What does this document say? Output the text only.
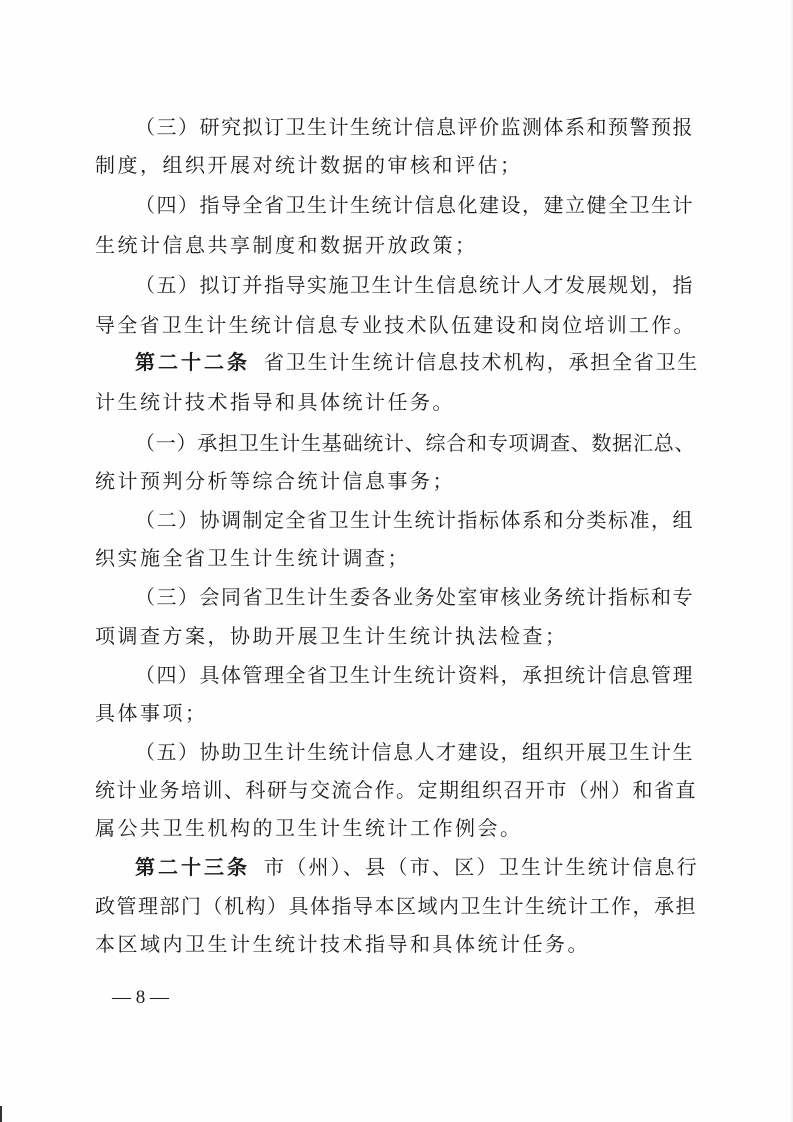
（三）研究拟订卫生计生统计信息评价监测体系和预警预报
制度，组织开展对统计数据的审核和评估；
（四）指导全省卫生计生统计信息化建设，建立健全卫生计
生统计信息共享制度和数据开放政策；
（五）拟订并指导实施卫生计生信息统计人才发展规划，指
导全省卫生计生统计信息专业技术队伍建设和岗位培训工作。
第二十二条 省卫生计生统计信息技术机构，承担全省卫生
计生统计技术指导和具体统计任务。
（一）承担卫生计生基础统计、综合和专项调查、数据汇总、
统计预判分析等综合统计信息事务；
（二）协调制定全省卫生计生统计指标体系和分类标准，组
织实施全省卫生计生统计调查；
（三）会同省卫生计生委各业务处室审核业务统计指标和专
项调查方案，协助开展卫生计生统计执法检查；
（四）具体管理全省卫生计生统计资料，承担统计信息管理
具体事项；
（五）协助卫生计生统计信息人才建设，组织开展卫生计生
统计业务培训、科研与交流合作。定期组织召开市（州）和省直
属公共卫生机构的卫生计生统计工作例会。
第二十三条 市（州）、县（市、区）卫生计生统计信息行
政管理部门（机构）具体指导本区域内卫生计生统计工作，承担
本区域内卫生计生统计技术指导和具体统计任务。
— 8 —
